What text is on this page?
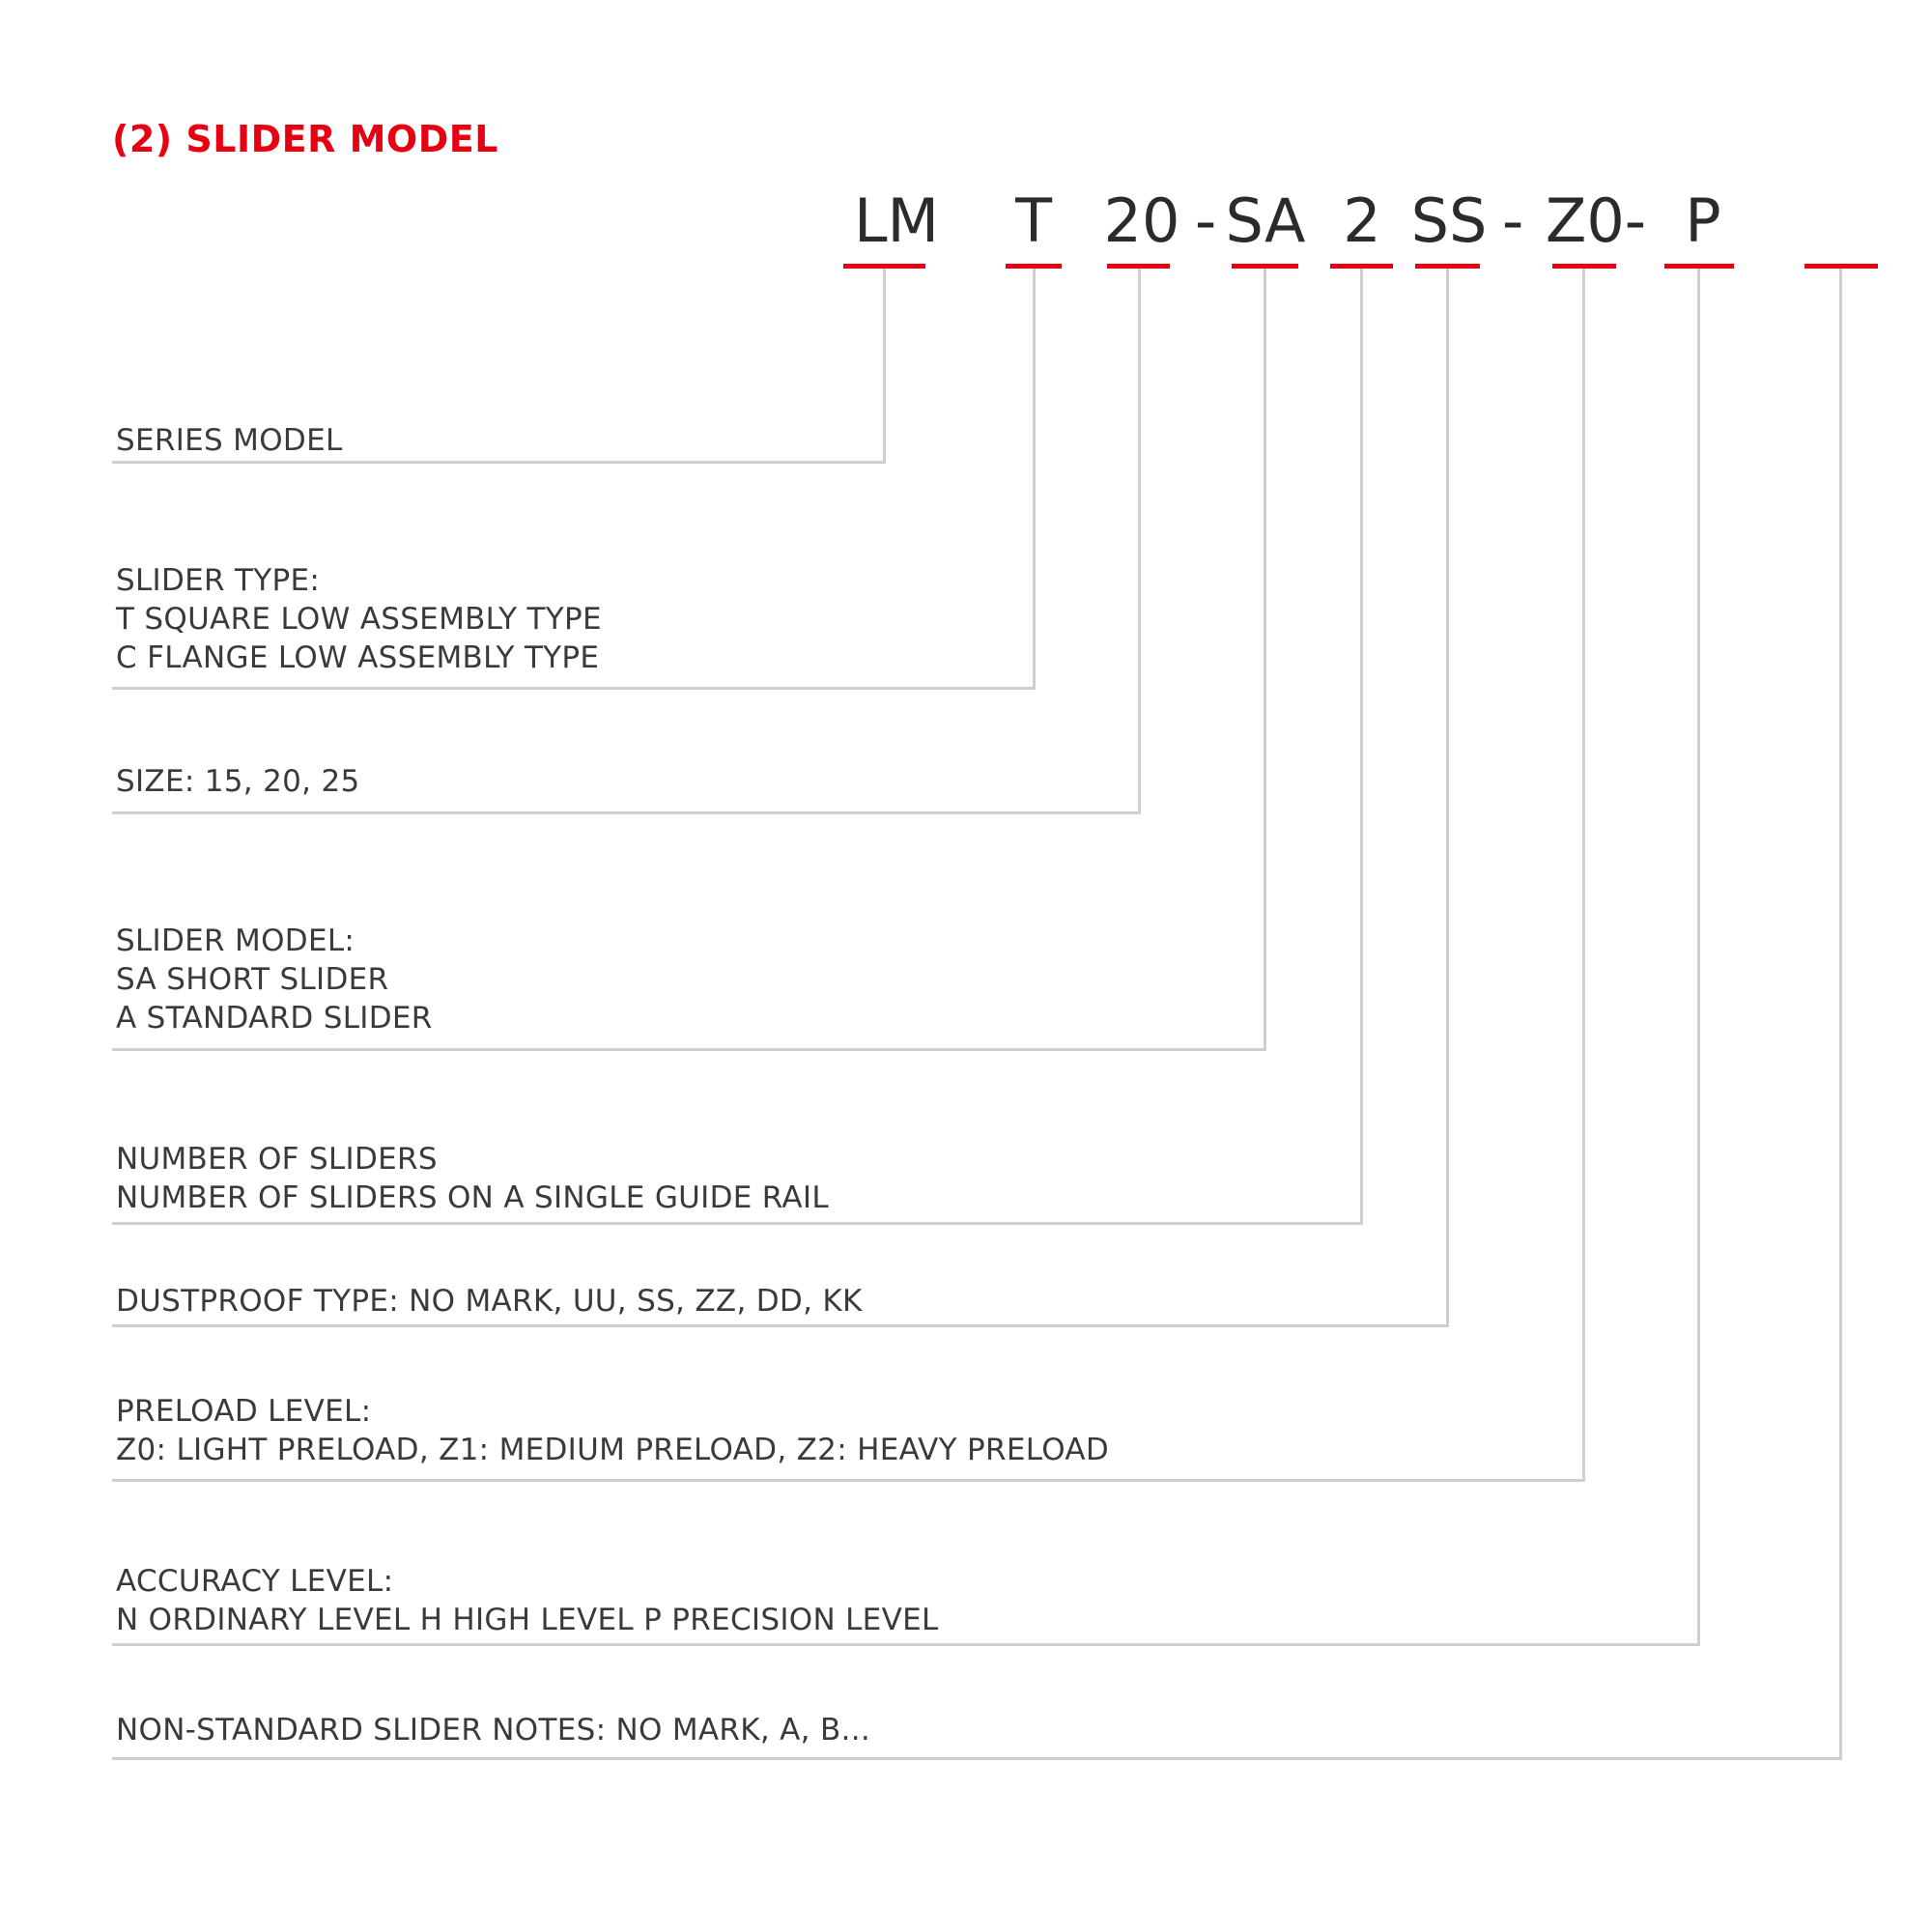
(2) SLIDER MODEL
LM T 20 - SA 2 SS - Z0- P
SERIES MODEL
SLIDER TYPE:
T SQUARE LOW ASSEMBLY TYPE
C FLANGE LOW ASSEMBLY TYPE
SIZE: 15, 20, 25
SLIDER MODEL:
SA SHORT SLIDER
A STANDARD SLIDER
NUMBER OF SLIDERS
NUMBER OF SLIDERS ON A SINGLE GUIDE RAIL
DUSTPROOF TYPE: NO MARK, UU, SS, ZZ, DD, KK
PRELOAD LEVEL:
Z0: LIGHT PRELOAD, Z1: MEDIUM PRELOAD, Z2: HEAVY PRELOAD
ACCURACY LEVEL:
N ORDINARY LEVEL H HIGH LEVEL P PRECISION LEVEL
NON-STANDARD SLIDER NOTES: NO MARK, A, B...
